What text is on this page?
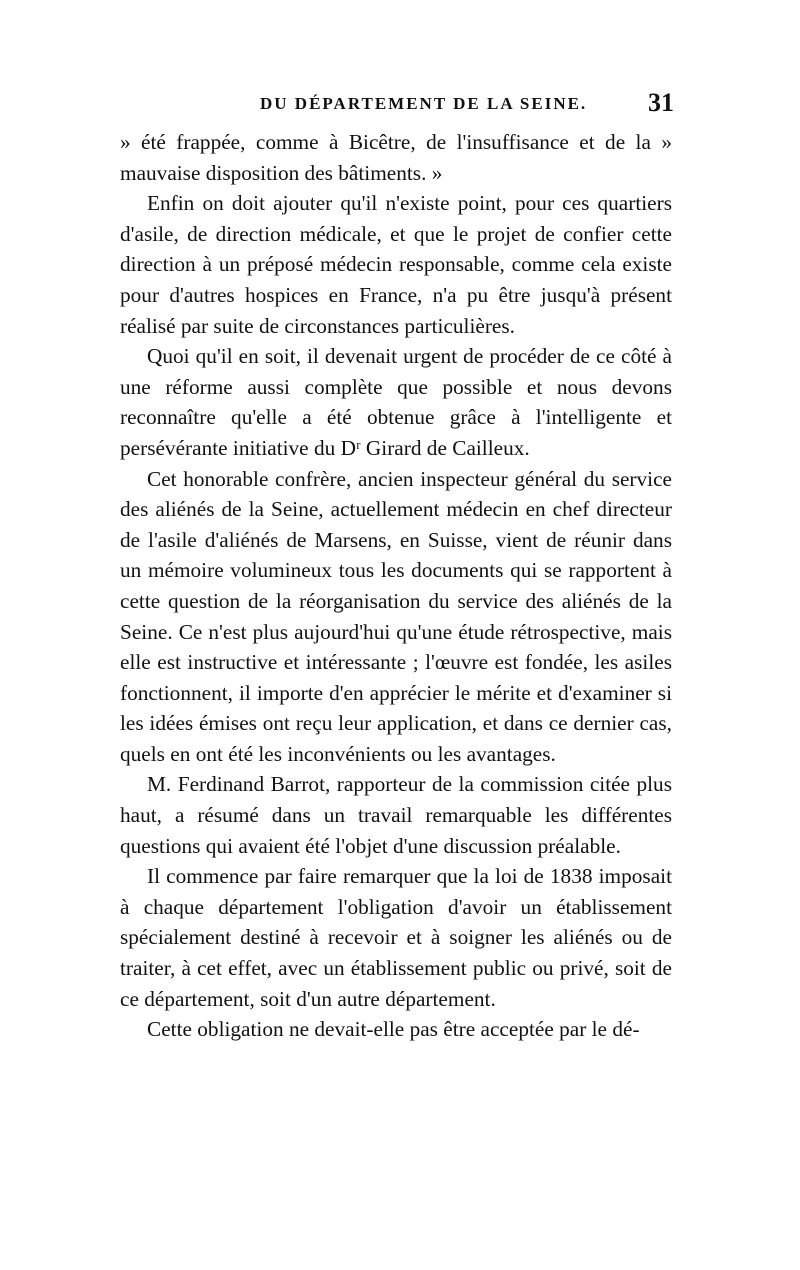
DU DÉPARTEMENT DE LA SEINE. 31

» été frappée, comme à Bicêtre, de l'insuffisance et de la » mauvaise disposition des bâtiments. »

Enfin on doit ajouter qu'il n'existe point, pour ces quartiers d'asile, de direction médicale, et que le projet de confier cette direction à un préposé médecin responsable, comme cela existe pour d'autres hospices en France, n'a pu être jusqu'à présent réalisé par suite de circonstances particulières.

Quoi qu'il en soit, il devenait urgent de procéder de ce côté à une réforme aussi complète que possible et nous devons reconnaître qu'elle a été obtenue grâce à l'intelligente et persévérante initiative du Dʳ Girard de Cailleux.

Cet honorable confrère, ancien inspecteur général du service des aliénés de la Seine, actuellement médecin en chef directeur de l'asile d'aliénés de Marsens, en Suisse, vient de réunir dans un mémoire volumineux tous les documents qui se rapportent à cette question de la réorganisation du service des aliénés de la Seine. Ce n'est plus aujourd'hui qu'une étude rétrospective, mais elle est instructive et intéressante ; l'œuvre est fondée, les asiles fonctionnent, il importe d'en apprécier le mérite et d'examiner si les idées émises ont reçu leur application, et dans ce dernier cas, quels en ont été les inconvénients ou les avantages.

M. Ferdinand Barrot, rapporteur de la commission citée plus haut, a résumé dans un travail remarquable les différentes questions qui avaient été l'objet d'une discussion préalable.

Il commence par faire remarquer que la loi de 1838 imposait à chaque département l'obligation d'avoir un établissement spécialement destiné à recevoir et à soigner les aliénés ou de traiter, à cet effet, avec un établissement public ou privé, soit de ce département, soit d'un autre département.

Cette obligation ne devait-elle pas être acceptée par le dé-
